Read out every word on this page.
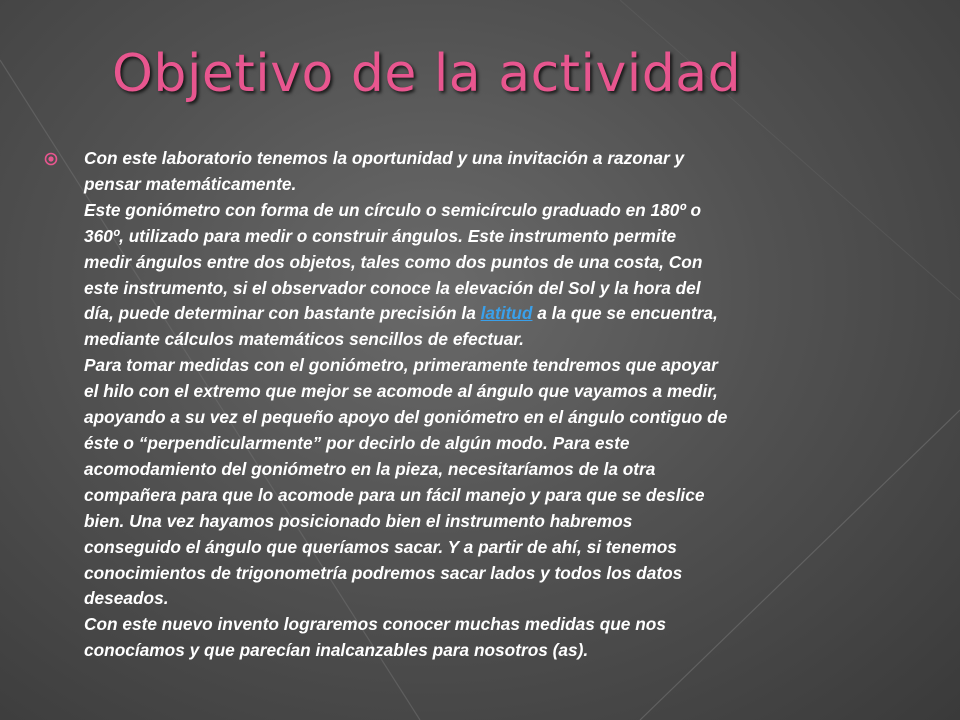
Objetivo de la actividad

Con este laboratorio tenemos la oportunidad y una invitación a razonar y

pensar matemáticamente.

Este goniómetro con forma de un círculo o semicírculo graduado en 180º o

360º, utilizado para medir o construir ángulos. Este instrumento permite

medir ángulos entre dos objetos, tales como dos puntos de una costa, Con

este instrumento, si el observador conoce la elevación del Sol y la hora del

día, puede determinar con bastante precisión la latitud a la que se encuentra,

mediante cálculos matemáticos sencillos de efectuar.

Para tomar medidas con el goniómetro, primeramente tendremos que apoyar

el hilo con el extremo que mejor se acomode al ángulo que vayamos a medir,

apoyando a su vez el pequeño apoyo del goniómetro en el ángulo contiguo de

éste o “perpendicularmente” por decirlo de algún modo. Para este

acomodamiento del goniómetro en la pieza, necesitaríamos de la otra

compañera para que lo acomode para un fácil manejo y para que se deslice

bien. Una vez hayamos posicionado bien el instrumento habremos

conseguido el ángulo que queríamos sacar. Y a partir de ahí, si tenemos

conocimientos de trigonometría podremos sacar lados y todos los datos

deseados.

Con este nuevo invento lograremos conocer muchas medidas que nos

conocíamos y que parecían inalcanzables para nosotros (as).
